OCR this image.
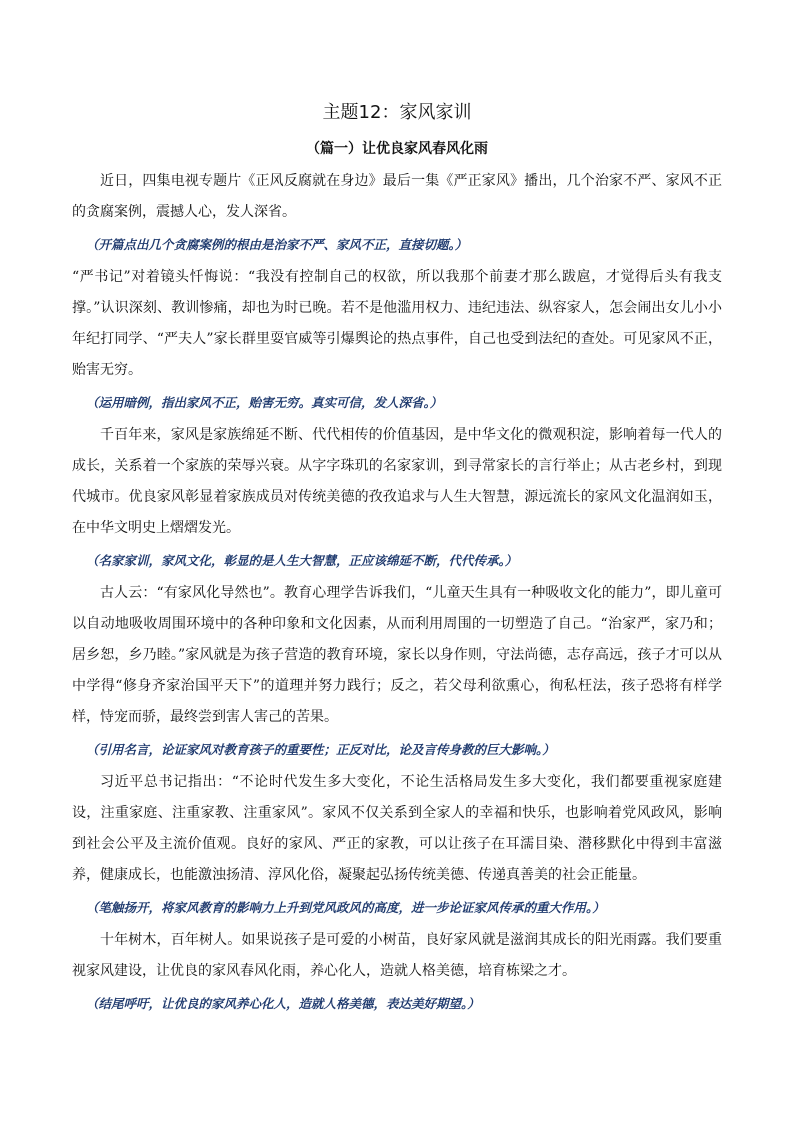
主题12：家风家训
（篇一）让优良家风春风化雨

近日，四集电视专题片《正风反腐就在身边》最后一集《严正家风》播出，几个治家不严、家风不正的贪腐案例，震撼人心，发人深省。

（开篇点出几个贪腐案例的根由是治家不严、家风不正，直接切题。）

“严书记”对着镜头忏悔说：“我没有控制自己的权欲，所以我那个前妻才那么跋扈，才觉得后头有我支撑。”认识深刻、教训惨痛，却也为时已晚。若不是他滥用权力、违纪违法、纵容家人，怎会闹出女儿小小年纪打同学、“严夫人”家长群里耍官威等引爆舆论的热点事件，自己也受到法纪的查处。可见家风不正，贻害无穷。

（运用暗例，指出家风不正，贻害无穷。真实可信，发人深省。）

千百年来，家风是家族绵延不断、代代相传的价值基因，是中华文化的微观积淀，影响着每一代人的成长，关系着一个家族的荣辱兴衰。从字字珠玑的名家家训，到寻常家长的言行举止；从古老乡村，到现代城市。优良家风彰显着家族成员对传统美德的孜孜追求与人生大智慧，源远流长的家风文化温润如玉，在中华文明史上熠熠发光。

（名家家训，家风文化，彰显的是人生大智慧，正应该绵延不断，代代传承。）

古人云：“有家风化导然也”。教育心理学告诉我们，“儿童天生具有一种吸收文化的能力”，即儿童可以自动地吸收周围环境中的各种印象和文化因素，从而利用周围的一切塑造了自己。“治家严，家乃和；居乡恕，乡乃睦。”家风就是为孩子营造的教育环境，家长以身作则，守法尚德，志存高远，孩子才可以从中学得“修身齐家治国平天下”的道理并努力践行；反之，若父母利欲熏心，徇私枉法，孩子恐将有样学样，恃宠而骄，最终尝到害人害己的苦果。

（引用名言，论证家风对教育孩子的重要性；正反对比，论及言传身教的巨大影响。）

习近平总书记指出：“不论时代发生多大变化，不论生活格局发生多大变化，我们都要重视家庭建设，注重家庭、注重家教、注重家风”。家风不仅关系到全家人的幸福和快乐，也影响着党风政风，影响到社会公平及主流价值观。良好的家风、严正的家教，可以让孩子在耳濡目染、潜移默化中得到丰富滋养，健康成长，也能激浊扬清、淳风化俗，凝聚起弘扬传统美德、传递真善美的社会正能量。

（笔触扬开，将家风教育的影响力上升到党风政风的高度，进一步论证家风传承的重大作用。）

十年树木，百年树人。如果说孩子是可爱的小树苗，良好家风就是滋润其成长的阳光雨露。我们要重视家风建设，让优良的家风春风化雨，养心化人，造就人格美德，培育栋梁之才。

（结尾呼吁，让优良的家风养心化人，造就人格美德，表达美好期望。）
